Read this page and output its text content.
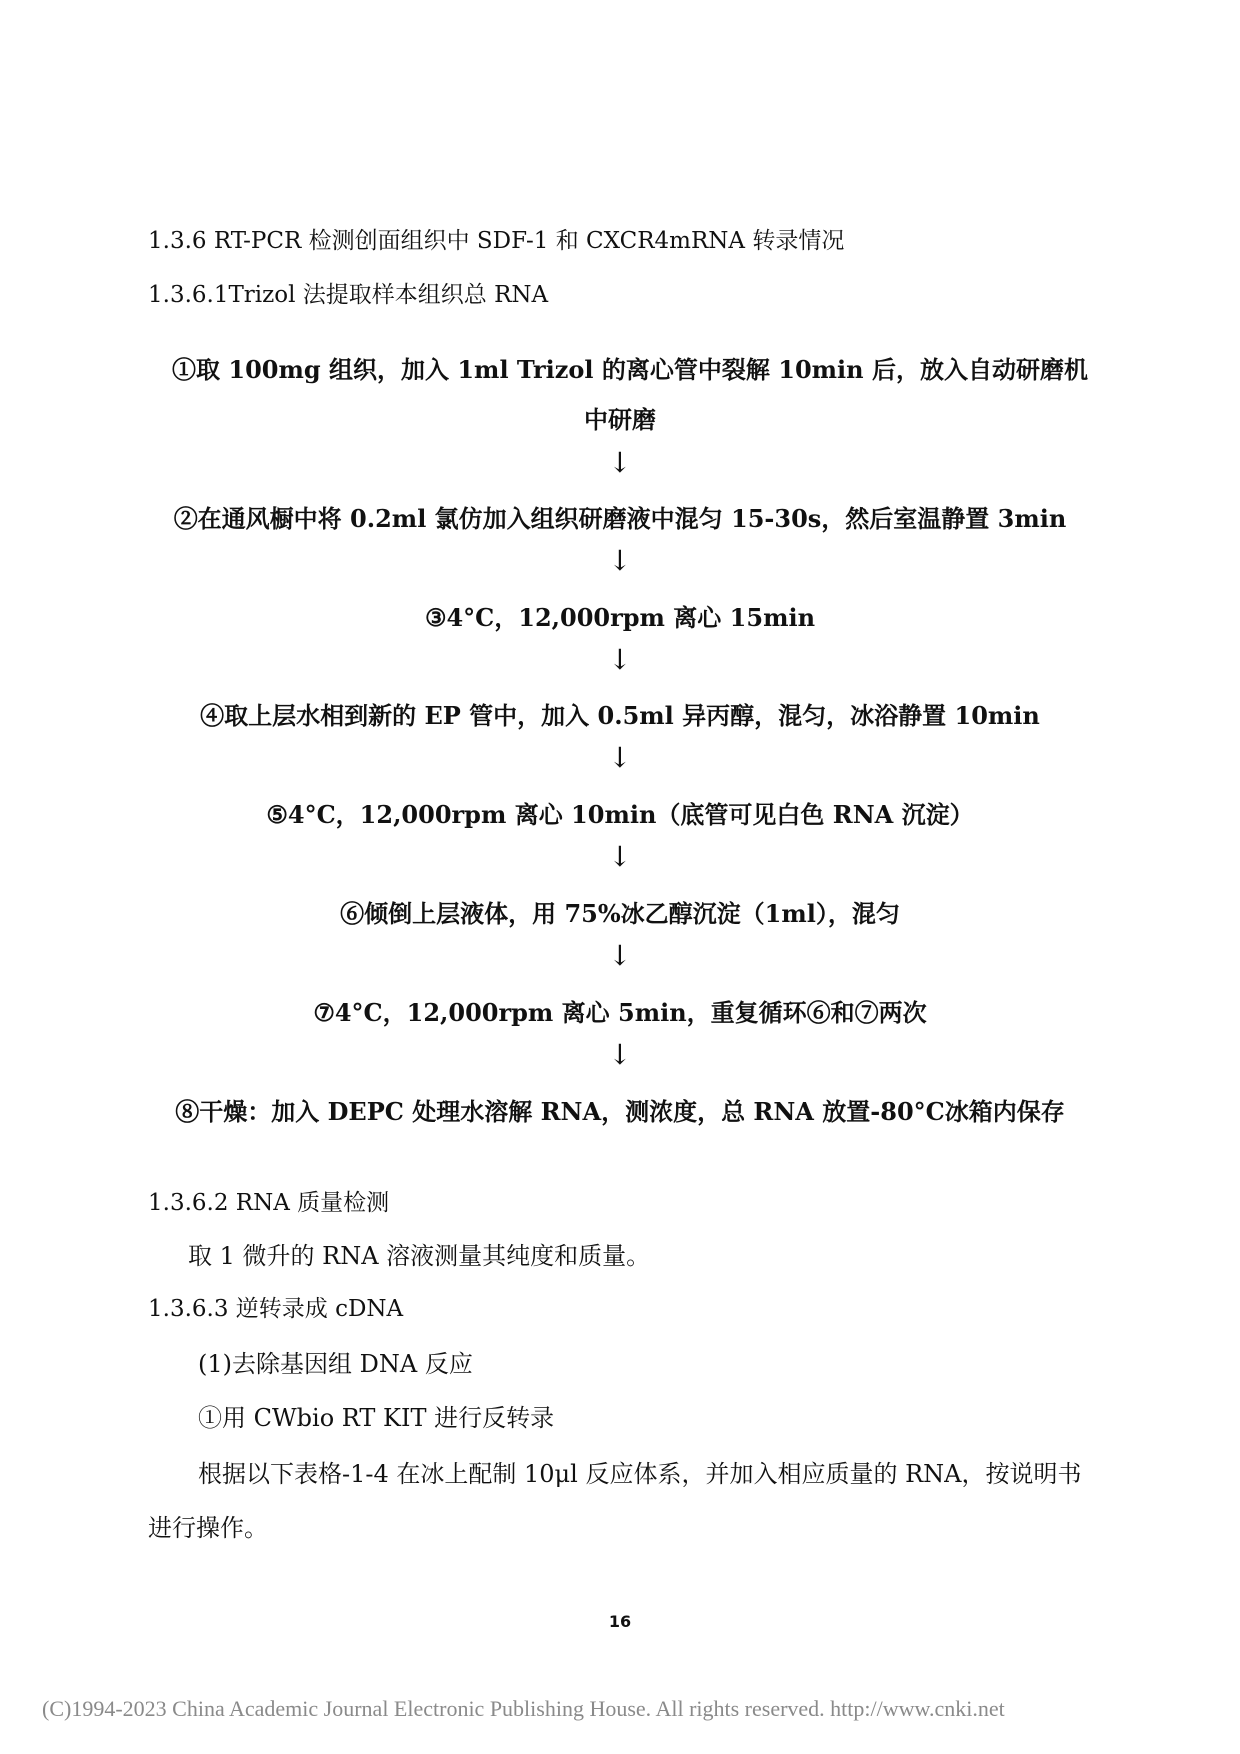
1.3.6 RT-PCR 检测创面组织中 SDF-1 和 CXCR4mRNA 转录情况
1.3.6.1Trizol 法提取样本组织总 RNA
①取 100mg 组织，加入 1ml Trizol 的离心管中裂解 10min 后，放入自动研磨机
中研磨
↓
②在通风橱中将 0.2ml 氯仿加入组织研磨液中混匀 15-30s，然后室温静置 3min
↓
③4°C，12,000rpm 离心 15min
↓
④取上层水相到新的 EP 管中，加入 0.5ml 异丙醇，混匀，冰浴静置 10min
↓
⑤4°C，12,000rpm 离心 10min（底管可见白色 RNA 沉淀）
↓
⑥倾倒上层液体，用 75%冰乙醇沉淀（1ml），混匀
↓
⑦4°C，12,000rpm 离心 5min，重复循环⑥和⑦两次
↓
⑧干燥：加入 DEPC 处理水溶解 RNA，测浓度，总 RNA 放置-80°C冰箱内保存
1.3.6.2 RNA 质量检测
取 1 微升的 RNA 溶液测量其纯度和质量。
1.3.6.3 逆转录成 cDNA
(1)去除基因组 DNA 反应
①用 CWbio RT KIT 进行反转录
根据以下表格-1-4 在冰上配制 10μl 反应体系，并加入相应质量的 RNA，按说明书
进行操作。
16
(C)1994-2023 China Academic Journal Electronic Publishing House. All rights reserved. http://www.cnki.net
